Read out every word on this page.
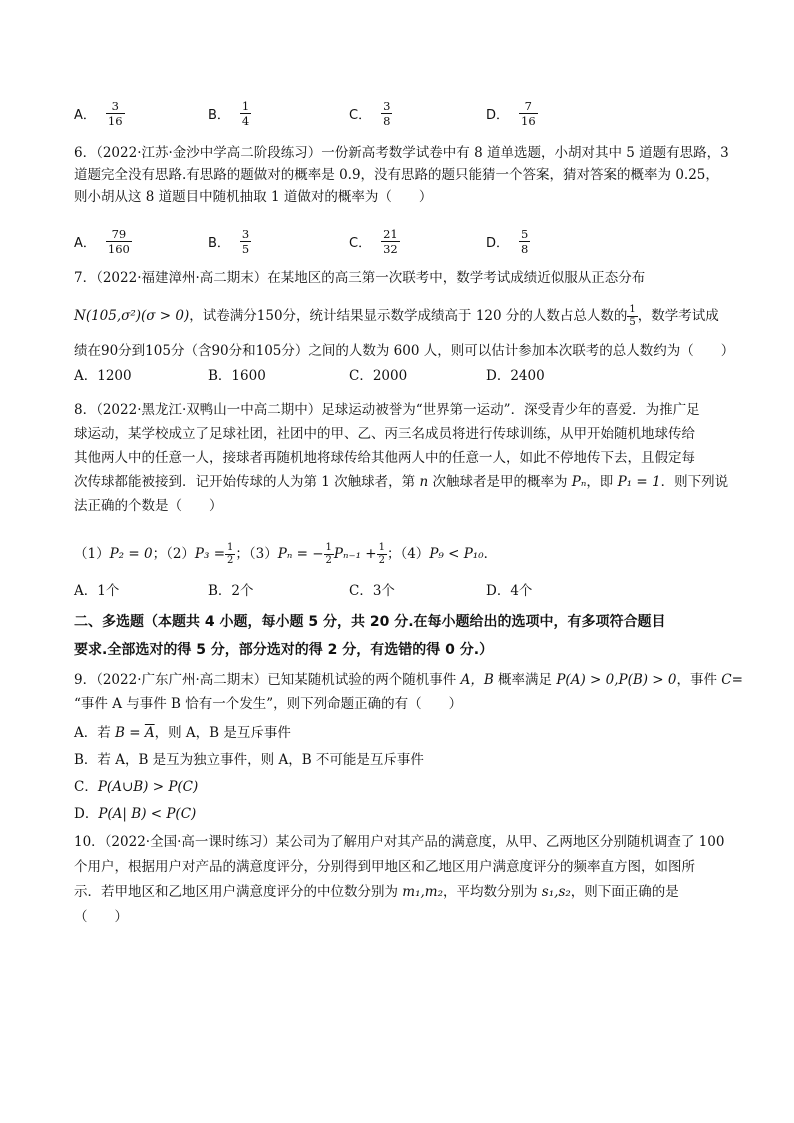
A． $\frac{3}{16}$	B． $\frac{1}{4}$	C． $\frac{3}{8}$	D． $\frac{7}{16}$
6．（2022·江苏·金沙中学高二阶段练习）一份新高考数学试卷中有 8 道单选题，小胡对其中 5 道题有思路，3
道题完全没有思路.有思路的题做对的概率是 0.9，没有思路的题只能猜一个答案，猜对答案的概率为 0.25，
则小胡从这 8 道题目中随机抽取 1 道做对的概率为（　　）
A． $\frac{79}{160}$	B． $\frac{3}{5}$	C． $\frac{21}{32}$	D． $\frac{5}{8}$
7．（2022·福建漳州·高二期末）在某地区的高三第一次联考中，数学考试成绩近似服从正态分布
N(105,σ²)(σ > 0) ，试卷满分150分，统计结果显示数学成绩高于 120 分的人数占总人数的 $\frac{1}{5}$ ，数学考试成
绩在90分到105分（含90分和105分）之间的人数为 600 人，则可以估计参加本次联考的总人数约为（　　）
A．1200	B．1600	C．2000	D．2400
8．（2022·黑龙江·双鸭山一中高二期中）足球运动被誉为“世界第一运动”．深受青少年的喜爱．为推广足
球运动，某学校成立了足球社团，社团中的甲、乙、丙三名成员将进行传球训练，从甲开始随机地球传给
其他两人中的任意一人，接球者再随机地将球传给其他两人中的任意一人，如此不停地传下去，且假定每
次传球都能被接到．记开始传球的人为第 1 次触球者，第 n 次触球者是甲的概率为 Pₙ，即 P₁ = 1．则下列说
法正确的个数是（　　）
（1） P₂ = 0 ；（2） $P_3 = \frac{1}{2}$ ；（3） Pₙ = − $\frac{1}{2} P_{n-1} + \frac{1}{2}$ ；（4） P₉ < P₁₀ ．
A．1个	B．2个	C．3个	D．4个
二、多选题（本题共 4 小题，每小题 5 分，共 20 分.在每小题给出的选项中，有多项符合题目
要求.全部选对的得 5 分，部分选对的得 2 分，有选错的得 0 分.）
9．（2022·广东广州·高二期末）已知某随机试验的两个随机事件 A，B 概率满足 P(A) > 0,P(B) > 0，事件 C=
“事件 A 与事件 B 恰有一个发生”，则下列命题正确的有（　　）
A．若 $B = \overline{A}$，则 A，B 是互斥事件
B．若 A，B 是互为独立事件，则 A，B 不可能是互斥事件
C．P(A∪B) > P(C)
D．P(A| B) < P(C)
10．（2022·全国·高一课时练习）某公司为了解用户对其产品的满意度，从甲、乙两地区分别随机调查了 100
个用户，根据用户对产品的满意度评分，分别得到甲地区和乙地区用户满意度评分的频率直方图，如图所
示．若甲地区和乙地区用户满意度评分的中位数分别为 m₁,m₂，平均数分别为 s₁,s₂，则下面正确的是
（　　）
